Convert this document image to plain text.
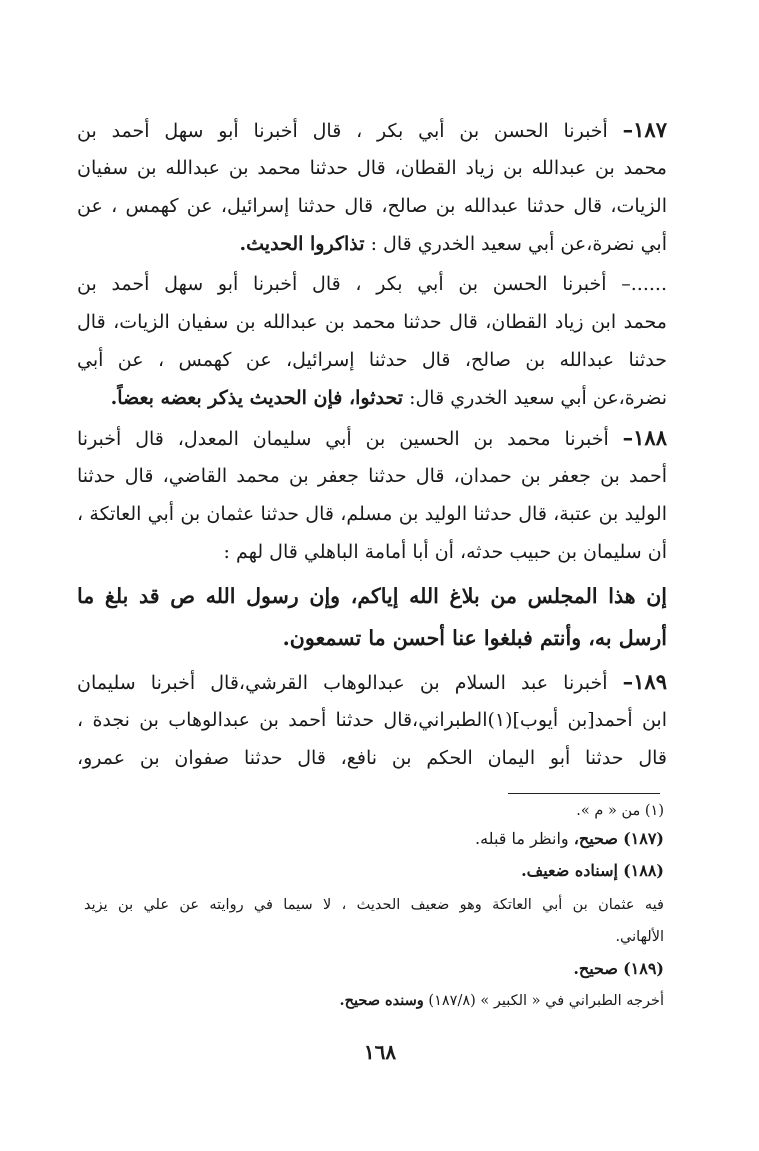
١٨٧– أخبرنا الحسن بن أبي بكر ، قال أخبرنا أبو سهل أحمد بن
محمد بن عبدالله بن زياد القطان، قال حدثنا محمد بن عبدالله بن سفيان
الزيات، قال حدثنا عبدالله بن صالح، قال حدثنا إسرائيل، عن كهمس ، عن
أبي نضرة،عن أبي سعيد الخدري قال : تذاكروا الحديث.
......– أخبرنا الحسن بن أبي بكر ، قال أخبرنا أبو سهل أحمد بن
محمد ابن زياد القطان، قال حدثنا محمد بن عبدالله بن سفيان الزيات، قال
حدثنا عبدالله بن صالح، قال حدثنا إسرائيل، عن كهمس ، عن أبي
نضرة،عن أبي سعيد الخدري قال: تحدثوا، فإن الحديث يذكر بعضه بعضاً.
١٨٨– أخبرنا محمد بن الحسين بن أبي سليمان المعدل، قال أخبرنا
أحمد بن جعفر بن حمدان، قال حدثنا جعفر بن محمد القاضي، قال حدثنا
الوليد بن عتبة، قال حدثنا الوليد بن مسلم، قال حدثنا عثمان بن أبي العاتكة ،
أن سليمان بن حبيب حدثه، أن أبا أمامة الباهلي قال لهم :
إن هذا المجلس من بلاغ الله إياكم، وإن رسول الله ص قد بلغ ما
أرسل به، وأنتم فبلغوا عنا أحسن ما تسمعون.
١٨٩– أخبرنا عبد السلام بن عبدالوهاب القرشي،قال أخبرنا سليمان
ابن أحمد[بن أيوب](١)الطبراني،قال حدثنا أحمد بن عبدالوهاب بن نجدة ،
قال حدثنا أبو اليمان الحكم بن نافع، قال حدثنا صفوان بن عمرو،
(١) من « م ».
(١٨٧) صحيح، وانظر ما قبله.
(١٨٨) إسناده ضعيف.
فيه عثمان بن أبي العاتكة وهو ضعيف الحديث ، لا سيما في روايته عن علي بن يزيد
الألهاني.
(١٨٩) صحيح.
أخرجه الطبراني في « الكبير » (١٨٧/٨) وسنده صحيح.
١٦٨
